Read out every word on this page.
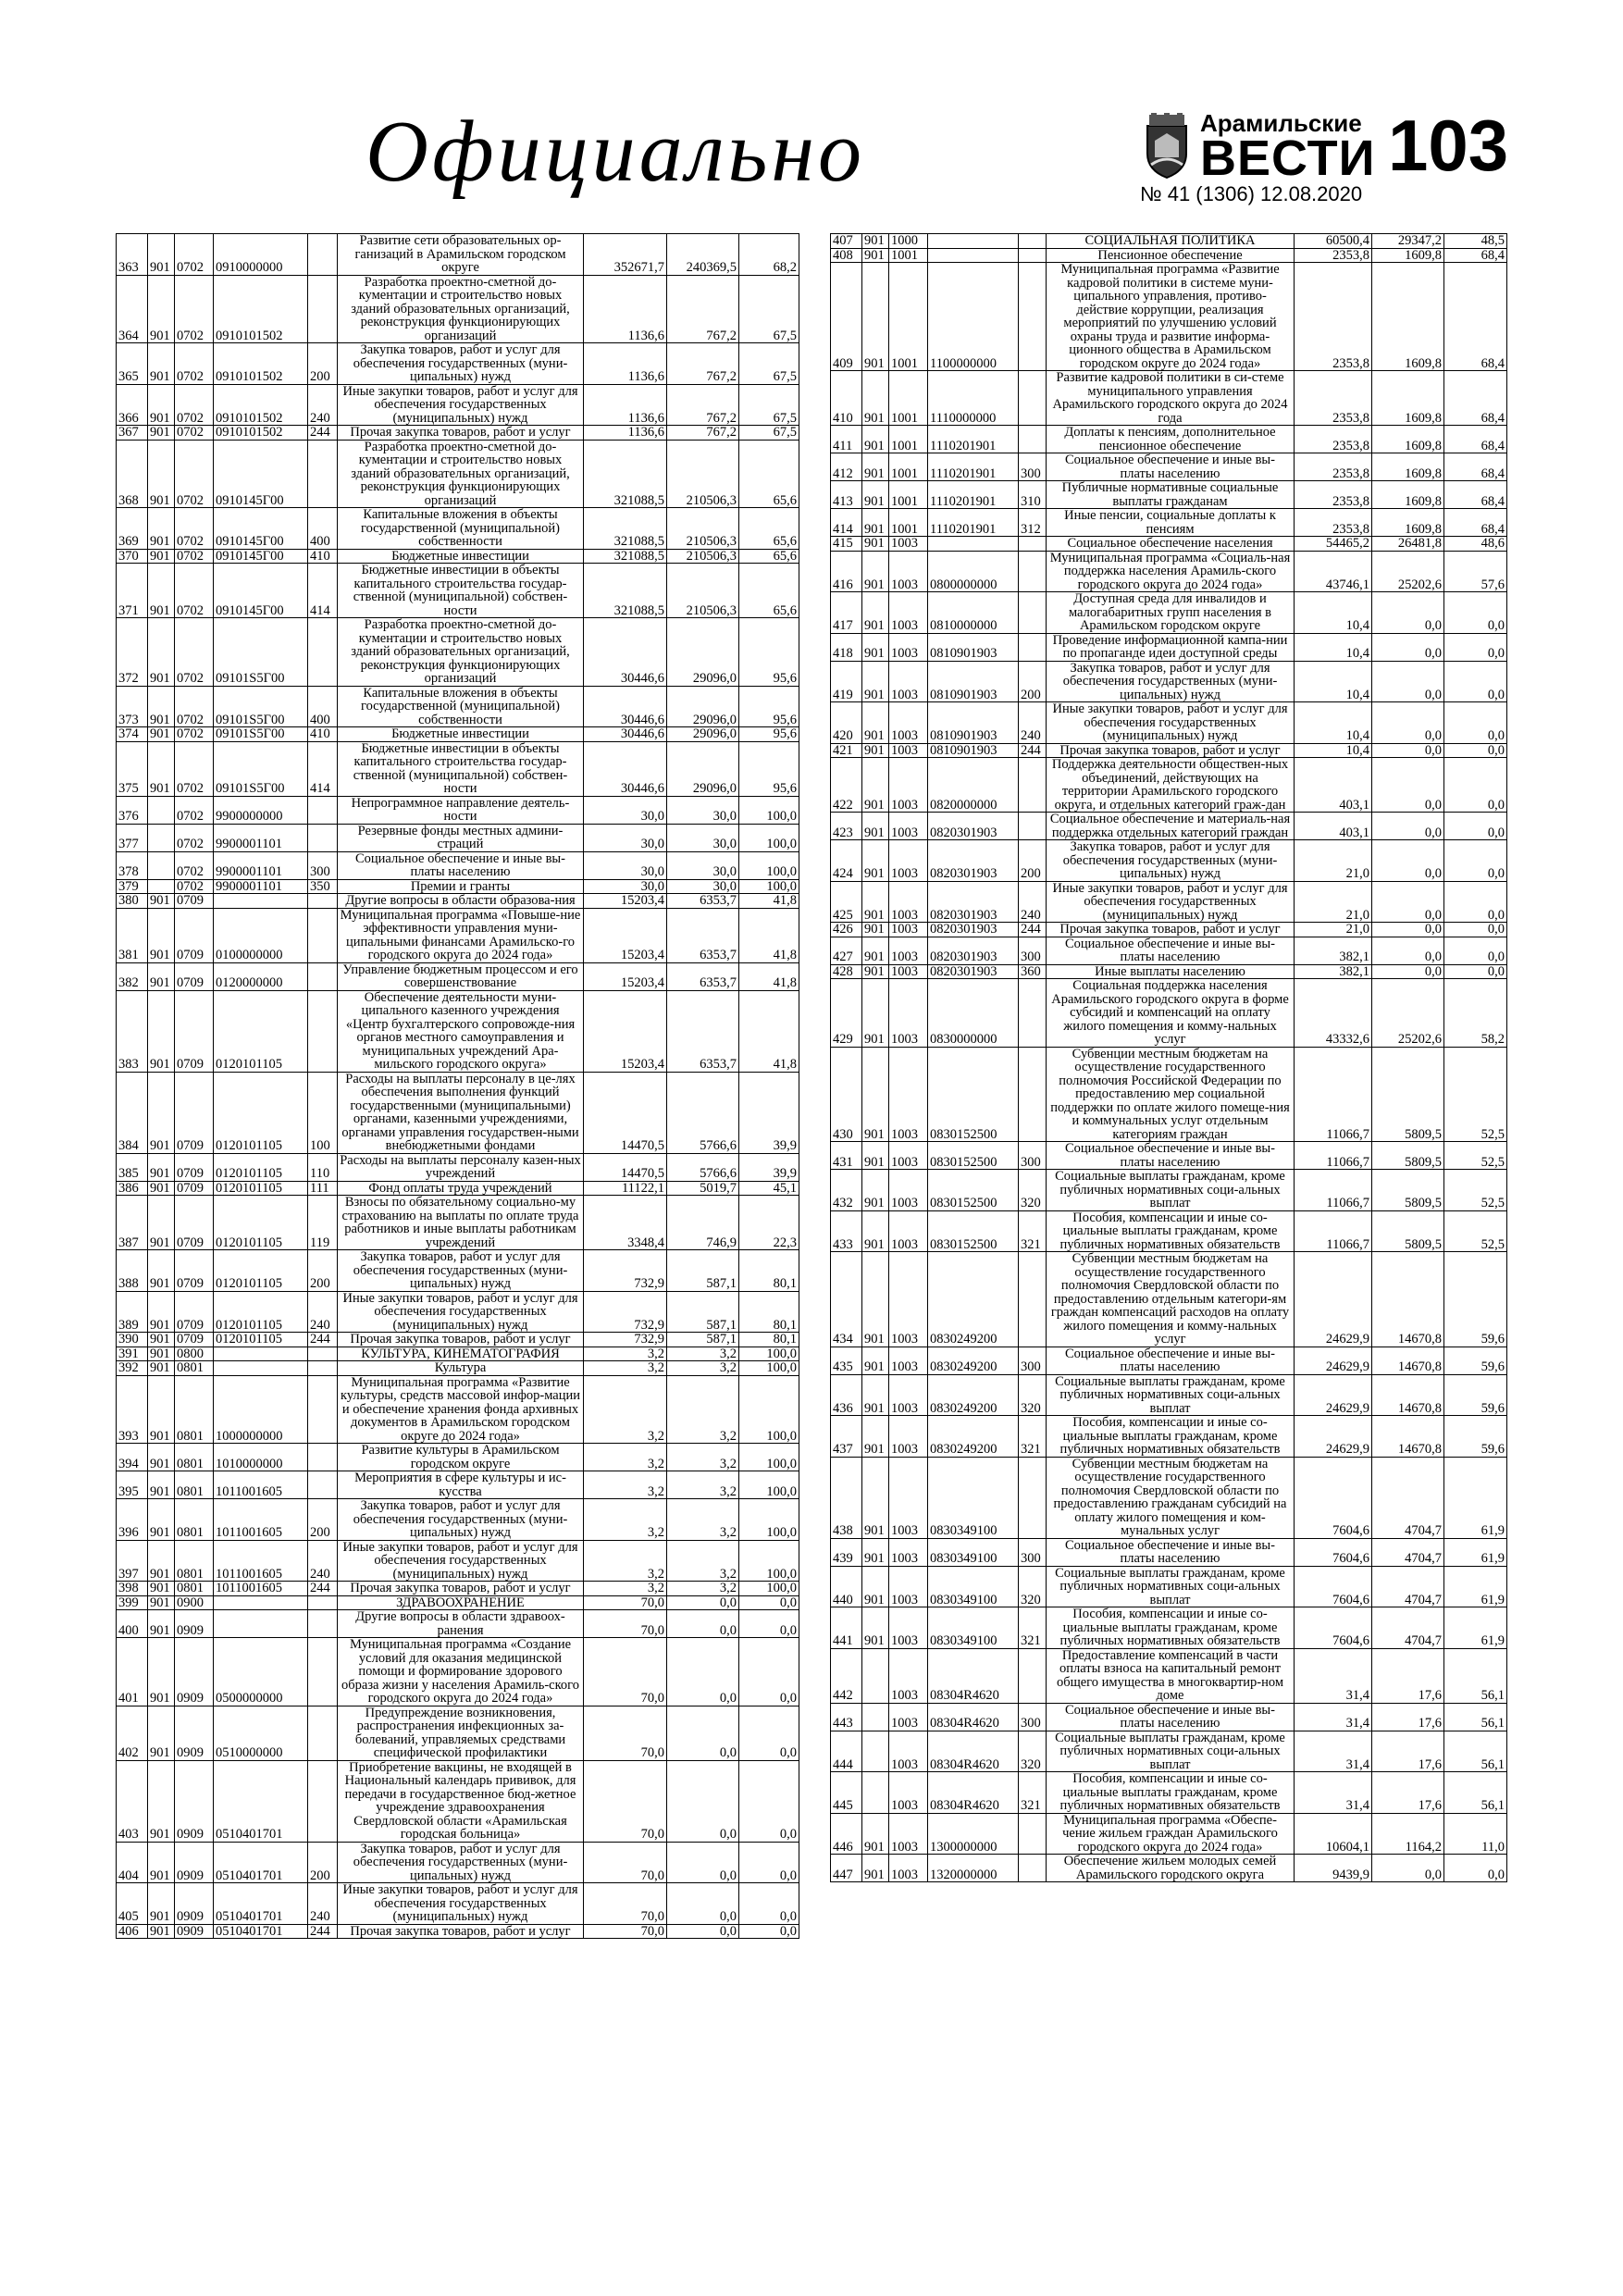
Официально	Арамильские
ВЕСТИ 103
№ 41 (1306) 12.08.2020
363	901	0702	0910000000		Развитие сети образовательных ор-ганизаций в Арамильском городском округе	352671,7	240369,5	68,2
364	901	0702	0910101502		Разработка проектно-сметной до-кументации и строительство новых зданий образовательных организаций, реконструкция функционирующих организаций	1136,6	767,2	67,5
365	901	0702	0910101502	200	Закупка товаров, работ и услуг для обеспечения государственных (муни-ципальных) нужд	1136,6	767,2	67,5
366	901	0702	0910101502	240	Иные закупки товаров, работ и услуг для обеспечения государственных (муниципальных) нужд	1136,6	767,2	67,5
367	901	0702	0910101502	244	Прочая закупка товаров, работ и услуг	1136,6	767,2	67,5
368	901	0702	0910145Г00		Разработка проектно-сметной до-кументации и строительство новых зданий образовательных организаций, реконструкция функционирующих организаций	321088,5	210506,3	65,6
369	901	0702	0910145Г00	400	Капитальные вложения в объекты государственной (муниципальной) собственности	321088,5	210506,3	65,6
370	901	0702	0910145Г00	410	Бюджетные инвестиции	321088,5	210506,3	65,6
371	901	0702	0910145Г00	414	Бюджетные инвестиции в объекты капитального строительства государ-ственной (муниципальной) собствен-ности	321088,5	210506,3	65,6
372	901	0702	09101S5Г00		Разработка проектно-сметной до-кументации и строительство новых зданий образовательных организаций, реконструкция функционирующих организаций	30446,6	29096,0	95,6
373	901	0702	09101S5Г00	400	Капитальные вложения в объекты государственной (муниципальной) собственности	30446,6	29096,0	95,6
374	901	0702	09101S5Г00	410	Бюджетные инвестиции	30446,6	29096,0	95,6
375	901	0702	09101S5Г00	414	Бюджетные инвестиции в объекты капитального строительства государ-ственной (муниципальной) собствен-ности	30446,6	29096,0	95,6
376		0702	9900000000		Непрограммное направление деятель-ности	30,0	30,0	100,0
377		0702	9900001101		Резервные фонды местных админи-страций	30,0	30,0	100,0
378		0702	9900001101	300	Социальное обеспечение и иные вы-платы населению	30,0	30,0	100,0
379		0702	9900001101	350	Премии и гранты	30,0	30,0	100,0
380	901	0709			Другие вопросы в области образова-ния	15203,4	6353,7	41,8
381	901	0709	0100000000		Муниципальная программа «Повыше-ние эффективности управления муни-ципальными финансами Арамильско-го городского округа до 2024 года»	15203,4	6353,7	41,8
382	901	0709	0120000000		Управление бюджетным процессом и его совершенствование	15203,4	6353,7	41,8
383	901	0709	0120101105		Обеспечение деятельности муни-ципального казенного учреждения «Центр бухгалтерского сопровожде-ния органов местного самоуправления и муниципальных учреждений Ара-мильского городского округа»	15203,4	6353,7	41,8
384	901	0709	0120101105	100	Расходы на выплаты персоналу в це-лях обеспечения выполнения функций государственными (муниципальными) органами, казенными учреждениями, органами управления государствен-ными внебюджетными фондами	14470,5	5766,6	39,9
385	901	0709	0120101105	110	Расходы на выплаты персоналу казен-ных учреждений	14470,5	5766,6	39,9
386	901	0709	0120101105	111	Фонд оплаты труда учреждений	11122,1	5019,7	45,1
387	901	0709	0120101105	119	Взносы по обязательному социально-му страхованию на выплаты по оплате труда работников и иные выплаты работникам учреждений	3348,4	746,9	22,3
388	901	0709	0120101105	200	Закупка товаров, работ и услуг для обеспечения государственных (муни-ципальных) нужд	732,9	587,1	80,1
389	901	0709	0120101105	240	Иные закупки товаров, работ и услуг для обеспечения государственных (муниципальных) нужд	732,9	587,1	80,1
390	901	0709	0120101105	244	Прочая закупка товаров, работ и услуг	732,9	587,1	80,1
391	901	0800			КУЛЬТУРА, КИНЕМАТОГРАФИЯ	3,2	3,2	100,0
392	901	0801			Культура	3,2	3,2	100,0
393	901	0801	1000000000		Муниципальная программа «Развитие культуры, средств массовой инфор-мации и обеспечение хранения фонда архивных документов в Арамильском городском округе до 2024 года»	3,2	3,2	100,0
394	901	0801	1010000000		Развитие культуры в Арамильском городском округе	3,2	3,2	100,0
395	901	0801	1011001605		Мероприятия в сфере культуры и ис-кусства	3,2	3,2	100,0
396	901	0801	1011001605	200	Закупка товаров, работ и услуг для обеспечения государственных (муни-ципальных) нужд	3,2	3,2	100,0
397	901	0801	1011001605	240	Иные закупки товаров, работ и услуг для обеспечения государственных (муниципальных) нужд	3,2	3,2	100,0
398	901	0801	1011001605	244	Прочая закупка товаров, работ и услуг	3,2	3,2	100,0
399	901	0900			ЗДРАВООХРАНЕНИЕ	70,0	0,0	0,0
400	901	0909			Другие вопросы в области здравоох-ранения	70,0	0,0	0,0
401	901	0909	0500000000		Муниципальная программа «Создание условий для оказания медицинской помощи и формирование здорового образа жизни у населения Арамиль-ского городского округа до 2024 года»	70,0	0,0	0,0
402	901	0909	0510000000		Предупреждение возникновения, распространения инфекционных за-болеваний, управляемых средствами специфической профилактики	70,0	0,0	0,0
403	901	0909	0510401701		Приобретение вакцины, не входящей в Национальный календарь прививок, для передачи в государственное бюд-жетное учреждение здравоохранения Свердловской области «Арамильская городская больница»	70,0	0,0	0,0
404	901	0909	0510401701	200	Закупка товаров, работ и услуг для обеспечения государственных (муни-ципальных) нужд	70,0	0,0	0,0
405	901	0909	0510401701	240	Иные закупки товаров, работ и услуг для обеспечения государственных (муниципальных) нужд	70,0	0,0	0,0
406	901	0909	0510401701	244	Прочая закупка товаров, работ и услуг	70,0	0,0	0,0
407	901	1000			СОЦИАЛЬНАЯ ПОЛИТИКА	60500,4	29347,2	48,5
408	901	1001			Пенсионное обеспечение	2353,8	1609,8	68,4
409	901	1001	1100000000		Муниципальная программа «Развитие кадровой политики в системе муни-ципального управления, противо-действие коррупции, реализация мероприятий по улучшению условий охраны труда и развитие информа-ционного общества в Арамильском городском округе до 2024 года»	2353,8	1609,8	68,4
410	901	1001	1110000000		Развитие кадровой политики в си-стеме муниципального управления Арамильского городского округа до 2024 года	2353,8	1609,8	68,4
411	901	1001	1110201901		Доплаты к пенсиям, дополнительное пенсионное обеспечение	2353,8	1609,8	68,4
412	901	1001	1110201901	300	Социальное обеспечение и иные вы-платы населению	2353,8	1609,8	68,4
413	901	1001	1110201901	310	Публичные нормативные социальные выплаты гражданам	2353,8	1609,8	68,4
414	901	1001	1110201901	312	Иные пенсии, социальные доплаты к пенсиям	2353,8	1609,8	68,4
415	901	1003			Социальное обеспечение населения	54465,2	26481,8	48,6
416	901	1003	0800000000		Муниципальная программа «Социаль-ная поддержка населения Арамиль-ского городского округа до 2024 года»	43746,1	25202,6	57,6
417	901	1003	0810000000		Доступная среда для инвалидов и малогабаритных групп населения в Арамильском городском округе	10,4	0,0	0,0
418	901	1003	0810901903		Проведение информационной кампа-нии по пропаганде идеи доступной среды	10,4	0,0	0,0
419	901	1003	0810901903	200	Закупка товаров, работ и услуг для обеспечения государственных (муни-ципальных) нужд	10,4	0,0	0,0
420	901	1003	0810901903	240	Иные закупки товаров, работ и услуг для обеспечения государственных (муниципальных) нужд	10,4	0,0	0,0
421	901	1003	0810901903	244	Прочая закупка товаров, работ и услуг	10,4	0,0	0,0
422	901	1003	0820000000		Поддержка деятельности обществен-ных объединений, действующих на территории Арамильского городского округа, и отдельных категорий граж-дан	403,1	0,0	0,0
423	901	1003	0820301903		Социальное обеспечение и материаль-ная поддержка отдельных категорий граждан	403,1	0,0	0,0
424	901	1003	0820301903	200	Закупка товаров, работ и услуг для обеспечения государственных (муни-ципальных) нужд	21,0	0,0	0,0
425	901	1003	0820301903	240	Иные закупки товаров, работ и услуг для обеспечения государственных (муниципальных) нужд	21,0	0,0	0,0
426	901	1003	0820301903	244	Прочая закупка товаров, работ и услуг	21,0	0,0	0,0
427	901	1003	0820301903	300	Социальное обеспечение и иные вы-платы населению	382,1	0,0	0,0
428	901	1003	0820301903	360	Иные выплаты населению	382,1	0,0	0,0
429	901	1003	0830000000		Социальная поддержка населения Арамильского городского округа в форме субсидий и компенсаций на оплату жилого помещения и комму-нальных услуг	43332,6	25202,6	58,2
430	901	1003	0830152500		Субвенции местным бюджетам на осуществление государственного полномочия Российской Федерации по предоставлению мер социальной поддержки по оплате жилого помеще-ния и коммунальных услуг отдельным категориям граждан	11066,7	5809,5	52,5
431	901	1003	0830152500	300	Социальное обеспечение и иные вы-платы населению	11066,7	5809,5	52,5
432	901	1003	0830152500	320	Социальные выплаты гражданам, кроме публичных нормативных соци-альных выплат	11066,7	5809,5	52,5
433	901	1003	0830152500	321	Пособия, компенсации и иные со-циальные выплаты гражданам, кроме публичных нормативных обязательств	11066,7	5809,5	52,5
434	901	1003	0830249200		Субвенции местным бюджетам на осуществление государственного полномочия Свердловской области по предоставлению отдельным категори-ям граждан компенсаций расходов на оплату жилого помещения и комму-нальных услуг	24629,9	14670,8	59,6
435	901	1003	0830249200	300	Социальное обеспечение и иные вы-платы населению	24629,9	14670,8	59,6
436	901	1003	0830249200	320	Социальные выплаты гражданам, кроме публичных нормативных соци-альных выплат	24629,9	14670,8	59,6
437	901	1003	0830249200	321	Пособия, компенсации и иные со-циальные выплаты гражданам, кроме публичных нормативных обязательств	24629,9	14670,8	59,6
438	901	1003	0830349100		Субвенции местным бюджетам на осуществление государственного полномочия Свердловской области по предоставлению гражданам субсидий на оплату жилого помещения и ком-мунальных услуг	7604,6	4704,7	61,9
439	901	1003	0830349100	300	Социальное обеспечение и иные вы-платы населению	7604,6	4704,7	61,9
440	901	1003	0830349100	320	Социальные выплаты гражданам, кроме публичных нормативных соци-альных выплат	7604,6	4704,7	61,9
441	901	1003	0830349100	321	Пособия, компенсации и иные со-циальные выплаты гражданам, кроме публичных нормативных обязательств	7604,6	4704,7	61,9
442		1003	08304R4620		Предоставление компенсаций в части оплаты взноса на капитальный ремонт общего имущества в многоквартир-ном доме	31,4	17,6	56,1
443		1003	08304R4620	300	Социальное обеспечение и иные вы-платы населению	31,4	17,6	56,1
444		1003	08304R4620	320	Социальные выплаты гражданам, кроме публичных нормативных соци-альных выплат	31,4	17,6	56,1
445		1003	08304R4620	321	Пособия, компенсации и иные со-циальные выплаты гражданам, кроме публичных нормативных обязательств	31,4	17,6	56,1
446	901	1003	1300000000		Муниципальная программа «Обеспе-чение жильем граждан Арамильского городского округа до 2024 года»	10604,1	1164,2	11,0
447	901	1003	1320000000		Обеспечение жильем молодых семей Арамильского городского округа	9439,9	0,0	0,0
